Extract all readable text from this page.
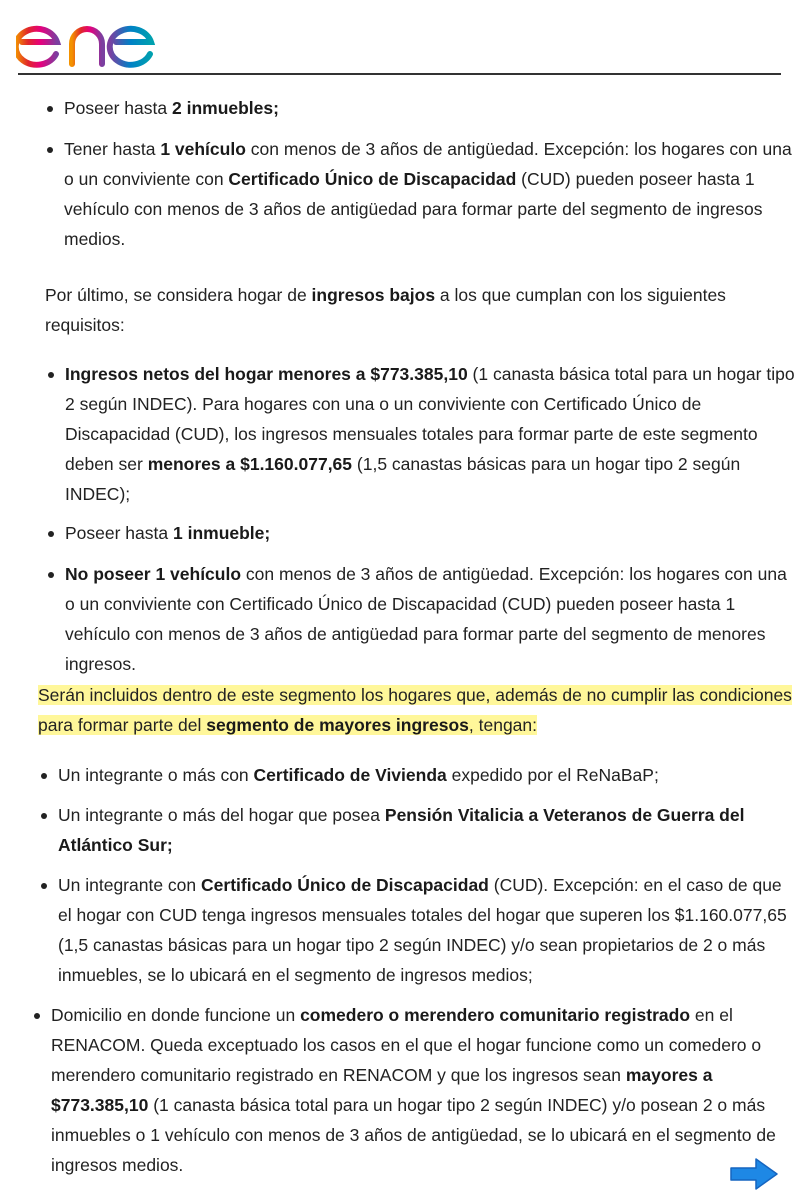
Poseer hasta 2 inmuebles;
Tener hasta 1 vehículo con menos de 3 años de antigüedad. Excepción: los hogares con una o un conviviente con Certificado Único de Discapacidad (CUD) pueden poseer hasta 1 vehículo con menos de 3 años de antigüedad para formar parte del segmento de ingresos medios.

Por último, se considera hogar de ingresos bajos a los que cumplan con los siguientes requisitos:

Ingresos netos del hogar menores a $773.385,10 (1 canasta básica total para un hogar tipo 2 según INDEC). Para hogares con una o un conviviente con Certificado Único de Discapacidad (CUD), los ingresos mensuales totales para formar parte de este segmento deben ser menores a $1.160.077,65 (1,5 canastas básicas para un hogar tipo 2 según INDEC);
Poseer hasta 1 inmueble;
No poseer 1 vehículo con menos de 3 años de antigüedad. Excepción: los hogares con una o un conviviente con Certificado Único de Discapacidad (CUD) pueden poseer hasta 1 vehículo con menos de 3 años de antigüedad para formar parte del segmento de menores ingresos.

Serán incluidos dentro de este segmento los hogares que, además de no cumplir las condiciones para formar parte del segmento de mayores ingresos, tengan:

Un integrante o más con Certificado de Vivienda expedido por el ReNaBaP;
Un integrante o más del hogar que posea Pensión Vitalicia a Veteranos de Guerra del Atlántico Sur;
Un integrante con Certificado Único de Discapacidad (CUD). Excepción: en el caso de que el hogar con CUD tenga ingresos mensuales totales del hogar que superen los $1.160.077,65 (1,5 canastas básicas para un hogar tipo 2 según INDEC) y/o sean propietarios de 2 o más inmuebles, se lo ubicará en el segmento de ingresos medios;
Domicilio en donde funcione un comedero o merendero comunitario registrado en el RENACOM. Queda exceptuado los casos en el que el hogar funcione como un comedero o merendero comunitario registrado en RENACOM y que los ingresos sean mayores a $773.385,10 (1 canasta básica total para un hogar tipo 2 según INDEC) y/o posean 2 o más inmuebles o 1 vehículo con menos de 3 años de antigüedad, se lo ubicará en el segmento de ingresos medios.
